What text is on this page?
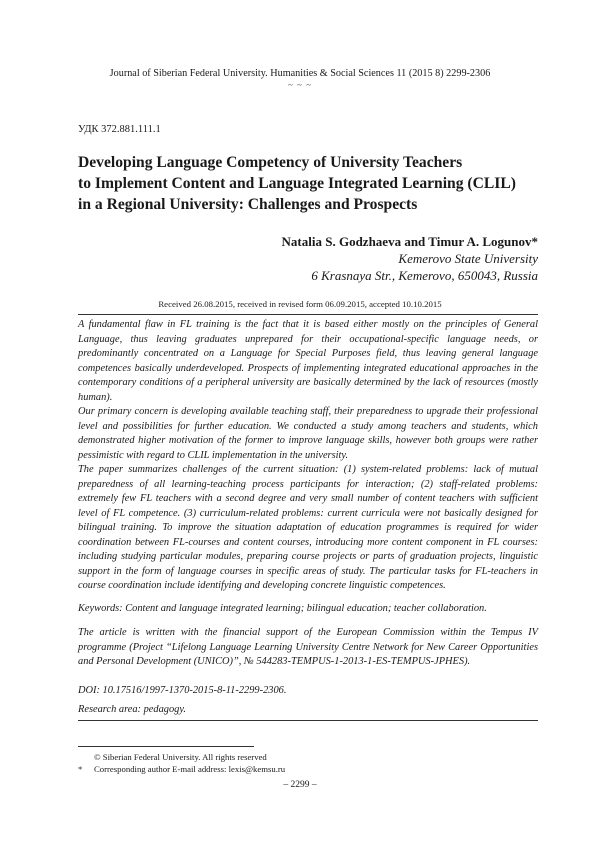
Journal of Siberian Federal University. Humanities & Social Sciences 11 (2015 8) 2299-2306
~ ~ ~
УДК 372.881.111.1
Developing Language Competency of University Teachers
to Implement Content and Language Integrated Learning (CLIL)
in a Regional University: Challenges and Prospects
Natalia S. Godzhaeva and Timur A. Logunov*
Kemerovo State University
6 Krasnaya Str., Kemerovo, 650043, Russia
Received 26.08.2015, received in revised form 06.09.2015, accepted 10.10.2015

A fundamental flaw in FL training is the fact that it is based either mostly on the principles of General Language, thus leaving graduates unprepared for their occupational-specific language needs, or predominantly concentrated on a Language for Special Purposes field, thus leaving general language competences basically underdeveloped. Prospects of implementing integrated educational approaches in the contemporary conditions of a peripheral university are basically determined by the lack of resources (mostly human).

Our primary concern is developing available teaching staff, their preparedness to upgrade their professional level and possibilities for further education. We conducted a study among teachers and students, which demonstrated higher motivation of the former to improve language skills, however both groups were rather pessimistic with regard to CLIL implementation in the university.

The paper summarizes challenges of the current situation: (1) system-related problems: lack of mutual preparedness of all learning-teaching process participants for interaction; (2) staff-related problems: extremely few FL teachers with a second degree and very small number of content teachers with sufficient level of FL competence. (3) curriculum-related problems: current curricula were not basically designed for bilingual training. To improve the situation adaptation of education programmes is required for wider coordination between FL-courses and content courses, introducing more content component in FL courses: including studying particular modules, preparing course projects or parts of graduation projects, linguistic support in the form of language courses in specific areas of study. The particular tasks for FL-teachers in course coordination include identifying and developing concrete linguistic competences.

Keywords: Content and language integrated learning; bilingual education; teacher collaboration.

The article is written with the financial support of the European Commission within the Tempus IV programme (Project “Lifelong Language Learning University Centre Network for New Career Opportunities and Personal Development (UNICO)”, № 544283-TEMPUS-1-2013-1-ES-TEMPUS-JPHES).

DOI: 10.17516/1997-1370-2015-8-11-2299-2306.

Research area: pedagogy.

© Siberian Federal University. All rights reserved
* Corresponding author E-mail address: lexis@kemsu.ru
– 2299 –
